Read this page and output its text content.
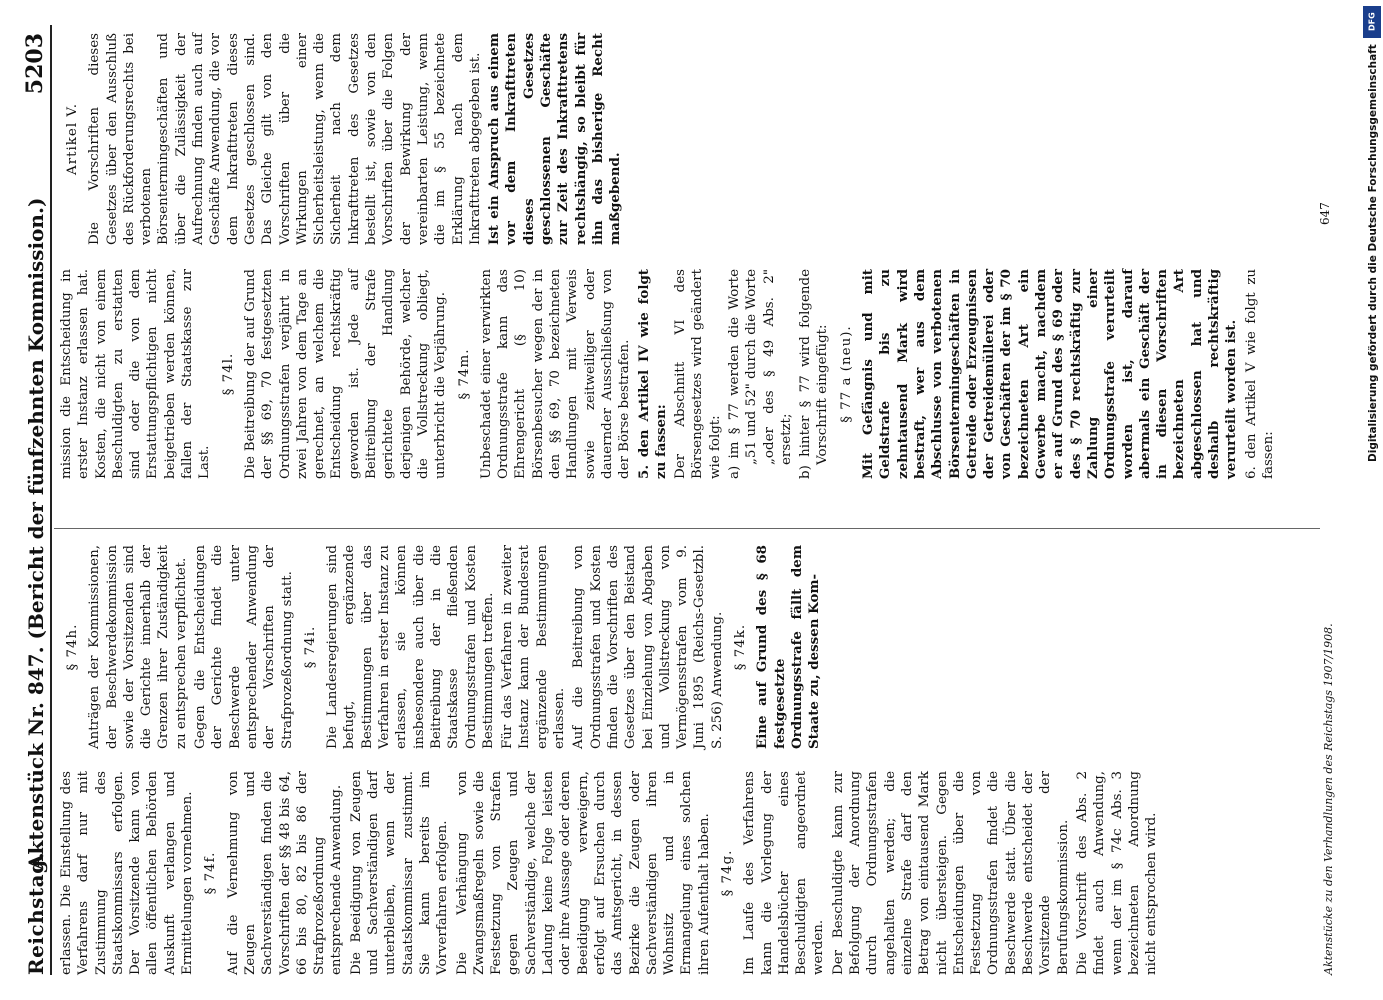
Reichstag.
Aktenstück Nr. 847. (Bericht der fünfzehnten Kommission.)
5203

erlassen. Die Einstellung des Verfahrens darf nur mit Zustimmung des Staatskommissars erfolgen. Der Vorsitzende kann von allen öffentlichen Behörden Auskunft verlangen und Ermittelungen vornehmen. § 74f. Auf die Vernehmung von Zeugen und Sachverständigen finden die Vorschriften der §§ 48 bis 64, 66 bis 80, 82 bis 86 der Strafprozeßordnung entsprechende Anwendung. Die Beeidigung von Zeugen und Sachverständigen darf unterbleiben, wenn der Staatskommissar zustimmt. Sie kann bereits im Vorverfahren erfolgen. Die Verhängung von Zwangsmaßregeln sowie die Festsetzung von Strafen gegen Zeugen und Sachverständige, welche der Ladung keine Folge leisten oder ihre Aussage oder deren Beeidigung verweigern, erfolgt auf Ersuchen durch das Amtsgericht, in dessen Bezirke die Zeugen oder Sachverständigen ihren Wohnsitz und in Ermangelung eines solchen ihren Aufenthalt haben. § 74g. Im Laufe des Verfahrens kann die Vorlegung der Handelsbücher eines Beschuldigten angeordnet werden. Der Beschuldigte kann zur Befolgung der Anordnung durch Ordnungsstrafen angehalten werden; die einzelne Strafe darf den Betrag von eintausend Mark nicht übersteigen. Gegen Entscheidungen über die Festsetzung von Ordnungsstrafen findet die Beschwerde statt. Über die Beschwerde entscheidet der Vorsitzende der Berufungskommission. Die Vorschrift des Abs. 2 findet auch Anwendung, wenn der im § 74c Abs. 3 bezeichneten Anordnung nicht entsprochen wird.

§ 74h. Anträgen der Kommissionen, der Beschwerdekommission sowie der Vorsitzenden sind die Gerichte innerhalb der Grenzen ihrer Zuständigkeit zu entsprechen verpflichtet. Gegen die Entscheidungen der Gerichte findet die Beschwerde unter entsprechender Anwendung der Vorschriften der Strafprozeßordnung statt. § 74i. Die Landesregierungen sind befugt, ergänzende Bestimmungen über das Verfahren in erster Instanz zu erlassen, sie können insbesondere auch über die Beitreibung der in die Staatskasse fließenden Ordnungsstrafen und Kosten Bestimmungen treffen. Für das Verfahren in zweiter Instanz kann der Bundesrat ergänzende Bestimmungen erlassen. Auf die Beitreibung von Ordnungsstrafen und Kosten finden die Vorschriften des Gesetzes über den Beistand bei Einziehung von Abgaben und Vollstreckung von Vermögensstrafen vom 9. Juni 1895 (Reichs-Gesetzbl. S. 256) Anwendung. § 74k. Eine auf Grund des § 68 festgesetzte Ordnungsstrafe fällt dem Staate zu, dessen Kom-

mission die Entscheidung in erster Instanz erlassen hat. Kosten, die nicht von einem Beschuldigten zu erstatten sind oder die von dem Erstattungspflichtigen nicht beigetrieben werden können, fallen der Staatskasse zur Last.

§ 74l. Die Beitreibung der auf Grund der §§ 69, 70 festgesetzten Ordnungsstrafen verjährt in zwei Jahren von dem Tage an gerechnet, an welchem die Entscheidung rechtskräftig geworden ist. Jede auf Beitreibung der Strafe gerichtete Handlung derjenigen Behörde, welcher die Vollstreckung obliegt, unterbricht die Verjährung. § 74m. Unbeschadet einer verwirkten Ordnungsstrafe kann das Ehrengericht (§ 10) Börsenbesucher wegen der in den §§ 69, 70 bezeichneten Handlungen mit Verweis sowie zeitweiliger oder dauernder Ausschließung von der Börse bestrafen. 5. den Artikel IV wie folgt zu fassen: Der Abschnitt VI des Börsengesetzes wird geändert wie folgt: a) im § 77 werden die Worte „51 und 52" durch die Worte „oder des § 49 Abs. 2" ersetzt; b) hinter § 77 wird folgende Vorschrift eingefügt: § 77 a (neu). Mit Gefängnis und mit Geldstrafe bis zu zehntausend Mark wird bestraft, wer aus dem Abschlusse von verbotenen Börsentermingeschäften in Getreide oder Erzeugnissen der Getreidemüllerei oder von Geschäften der im § 70 bezeichneten Art ein Gewerbe macht, nachdem er auf Grund des § 69 oder des § 70 rechtskräftig zur Zahlung einer Ordnungsstrafe verurteilt worden ist, darauf abermals ein Geschäft der in diesen Vorschriften bezeichneten Art abgeschlossen hat und deshalb rechtskräftig verurteilt worden ist. 6. den Artikel V wie folgt zu fassen:

Artikel V. Die Vorschriften dieses Gesetzes über den Ausschluß des Rückforderungsrechts bei verbotenen Börsentermingeschäften und über die Zulässigkeit der Aufrechnung finden auch auf Geschäfte Anwendung, die vor dem Inkrafttreten dieses Gesetzes geschlossen sind. Das Gleiche gilt von den Vorschriften über die Wirkungen einer Sicherheitsleistung, wenn die Sicherheit nach dem Inkrafttreten des Gesetzes bestellt ist, sowie von den Vorschriften über die Folgen der Bewirkung der vereinbarten Leistung, wenn die im § 55 bezeichnete Erklärung nach dem Inkrafttreten abgegeben ist. Ist ein Anspruch aus einem vor dem Inkrafttreten dieses Gesetzes geschlossenen Geschäfte zur Zeit des Inkrafttretens rechtshängig, so bleibt für ihn das bisherige Recht maßgebend.

Aktenstücke zu den Verhandlungen des Reichstags 1907/1908.
647
DFG
Digitalisierung gefördert durch die Deutsche Forschungsgemeinschaft
